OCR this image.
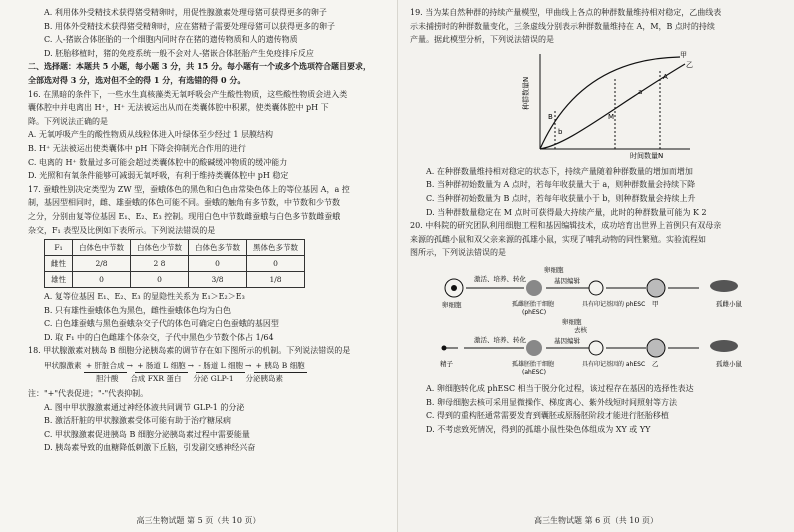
A. 利用体外受精技术获得猪受精卵时，用促性腺激素处理母猪可获得更多的卵子
B. 用体外受精技术获得猪受精卵时，应在猪精子需要处理母猪可以获得更多的卵子
C. 人-猪嵌合体胚胎的一个细胞内同时存在猪的遗传物质和人的遗传物质
D. 胚胎移植时，猪的免疫系统一般不会对人-猪嵌合体胚胎产生免疫排斥反应
二、选择题：本题共 5 小题，每小题 3 分，共 15 分。每小题有一个或多个选项符合题目要求，
全部选对得 3 分，选对但不全的得 1 分，有选错的得 0 分。
16. 在黑暗的条件下，一些水生真核藻类无氧呼吸会产生酸性物质，这些酸性物质会进入类
囊体腔中并电离出 H⁺，H⁺ 无法被运出从而在类囊体腔中积累，使类囊体腔中 pH 下
降。下列说法正确的是
A. 无氧呼吸产生的酸性物质从线粒体进入叶绿体至少经过 1 层膜结构
B. H⁺ 无法被运出使类囊体中 pH 下降会抑制光合作用的进行
C. 电离的 H⁺ 数量过多可能会超过类囊体腔中的酸碱缓冲物质的缓冲能力
D. 光照和有氧条件能够可减弱无氧呼吸，有利于维持类囊体腔中 pH 稳定
17. 蚕蛾性别决定类型为 ZW 型，蚕蛾体色的黑色和白色由常染色体上的等位基因 A，a 控
制，基因型相同时，雌、雄蚕蛾的体色可能不同。蚕蛾的触角有多节数，中节数和少节数
之分，分别由复等位基因 E₁、E₂、E₃ 控制。现用白色中节数雌蚕蛾与白色多节数雌蚕蛾
杂交，F₁ 表型及比例如下表所示。下列说法错误的是
F₁	白体色中节数	白体色少节数	白体色多节数	黑体色多节数
雌性	2/8	2 8	0	0
雄性	0	0	3/8	1/8
A. 复等位基因 E₁、E₂、E₃ 的显隐性关系为 E₁＞E₂＞E₃
B. 只有雄性蚕蛾体色为黑色，雌性蚕蛾体色均为白色
C. 白色雄蚕蛾与黑色蚕蛾杂交子代的体色可确定白色蚕蛾的基因型
D. 取 F₁ 中的白色雌雄个体杂交，子代中黑色少节数个体占 1/64
18. 甲状腺激素对胰岛 B 细胞分泌胰岛素的调节存在如下图所示的机制。下列说法错误的是
甲状腺激素 + 肝脏合成 → + 肠道 L 细胞 → - 肠道 L 细胞 → + 胰岛 B 细胞
胆汁酸 合成 FXR 蛋白 分泌 GLP-1 分泌胰岛素
注："+"代表促进；"-"代表抑制。
A. 图中甲状腺激素通过神经体液共同调节 GLP-1 的分泌
B. 激活肝脏的甲状腺激素受体可能有助于治疗糖尿病
C. 甲状腺激素促进胰岛 B 细胞分泌胰岛素过程中需要能量
D. 胰岛素导致的血糖降低刺激下丘脑，引发副交感神经兴奋
高三生物试题 第 5 页（共 10 页）
19. 当为某自然种群的持续产量模型，甲曲线上各点的种群数量维持相对稳定，乙曲线表
示未捕捞时的种群数量变化，三条虚线分别表示种群数量维持在 A，M，B 点时的持续
产量。据此模型分析，下列说法错误的是
种群数量N
时间数量N
甲
乙
A
B	M
a
b
A. 在种群数量维持相对稳定的状态下，持续产量随着种群数量的增加而增加
B. 当种群初始数量为 A 点时，若每年收获量大于 a，则种群数量会持续下降
C. 当种群初始数量为 B 点时，若每年收获量小于 b，则种群数量会持续上升
D. 当种群数量稳定在 M 点时可获得最大持续产量，此时的种群数量可能为 K 2
20. 中科院的研究团队利用细胞工程和基因编辑技术，成功培育出世界上首例只有双母亲
来源的孤雌小鼠和双父亲来源的孤雄小鼠，实现了哺乳动物的同性繁殖。实验流程如
图所示，下列说法错误的是
卵细胞
卵细胞
激活、培养、转化
孤雌胚胎干细胞
(phESC)
基因编辑
具有印记基因的 phESC 甲	孤雌小鼠
卵细胞
去核
精子
激活、培养、转化
孤雄胚胎干细胞
(ahESC)
基因编辑
具有印记基因的 ahESC 乙	孤雄小鼠
A. 卵细胞转化成 phESC 相当于脱分化过程，该过程存在基因的选择性表达
B. 卵母细胞去核可采用显微操作、梯度离心、紫外线短时间照射等方法
C. 得到的重构胚通常需要发育到囊胚或原肠胚阶段才能进行胚胎移植
D. 不考虑致死情况，得到的孤雄小鼠性染色体组成为 XY 或 YY
高三生物试题 第 6 页（共 10 页）
